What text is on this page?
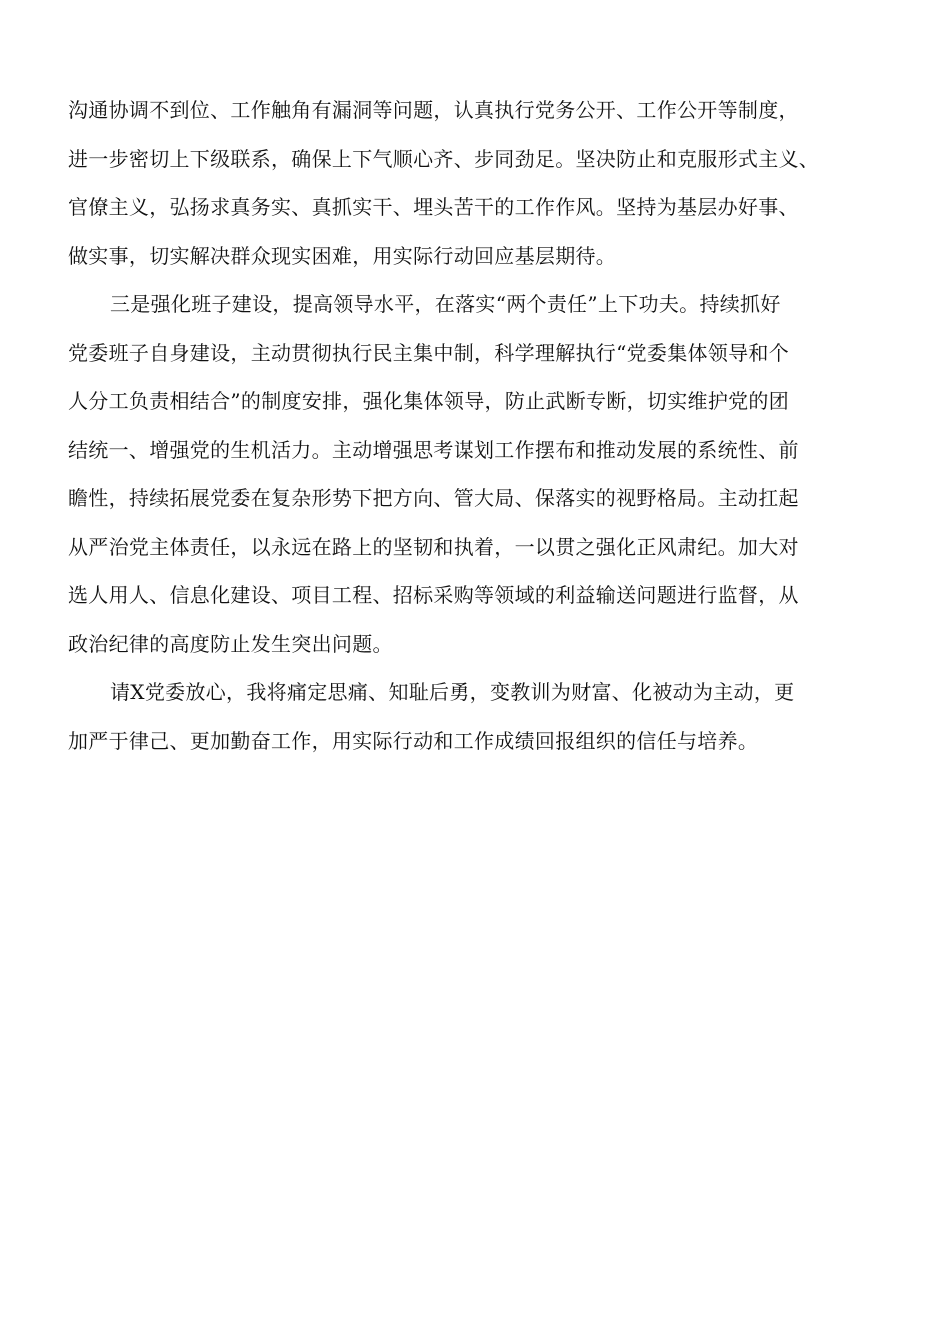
沟通协调不到位、工作触角有漏洞等问题，认真执行党务公开、工作公开等制度，
进一步密切上下级联系，确保上下气顺心齐、步同劲足。坚决防止和克服形式主义、
官僚主义，弘扬求真务实、真抓实干、埋头苦干的工作作风。坚持为基层办好事、
做实事，切实解决群众现实困难，用实际行动回应基层期待。

三是强化班子建设，提高领导水平，在落实“两个责任”上下功夫。持续抓好
党委班子自身建设，主动贯彻执行民主集中制，科学理解执行“党委集体领导和个
人分工负责相结合”的制度安排，强化集体领导，防止武断专断，切实维护党的团
结统一、增强党的生机活力。主动增强思考谋划工作摆布和推动发展的系统性、前
瞻性，持续拓展党委在复杂形势下把方向、管大局、保落实的视野格局。主动扛起
从严治党主体责任，以永远在路上的坚韧和执着，一以贯之强化正风肃纪。加大对
选人用人、信息化建设、项目工程、招标采购等领域的利益输送问题进行监督，从
政治纪律的高度防止发生突出问题。

请X党委放心，我将痛定思痛、知耻后勇，变教训为财富、化被动为主动，更
加严于律己、更加勤奋工作，用实际行动和工作成绩回报组织的信任与培养。
